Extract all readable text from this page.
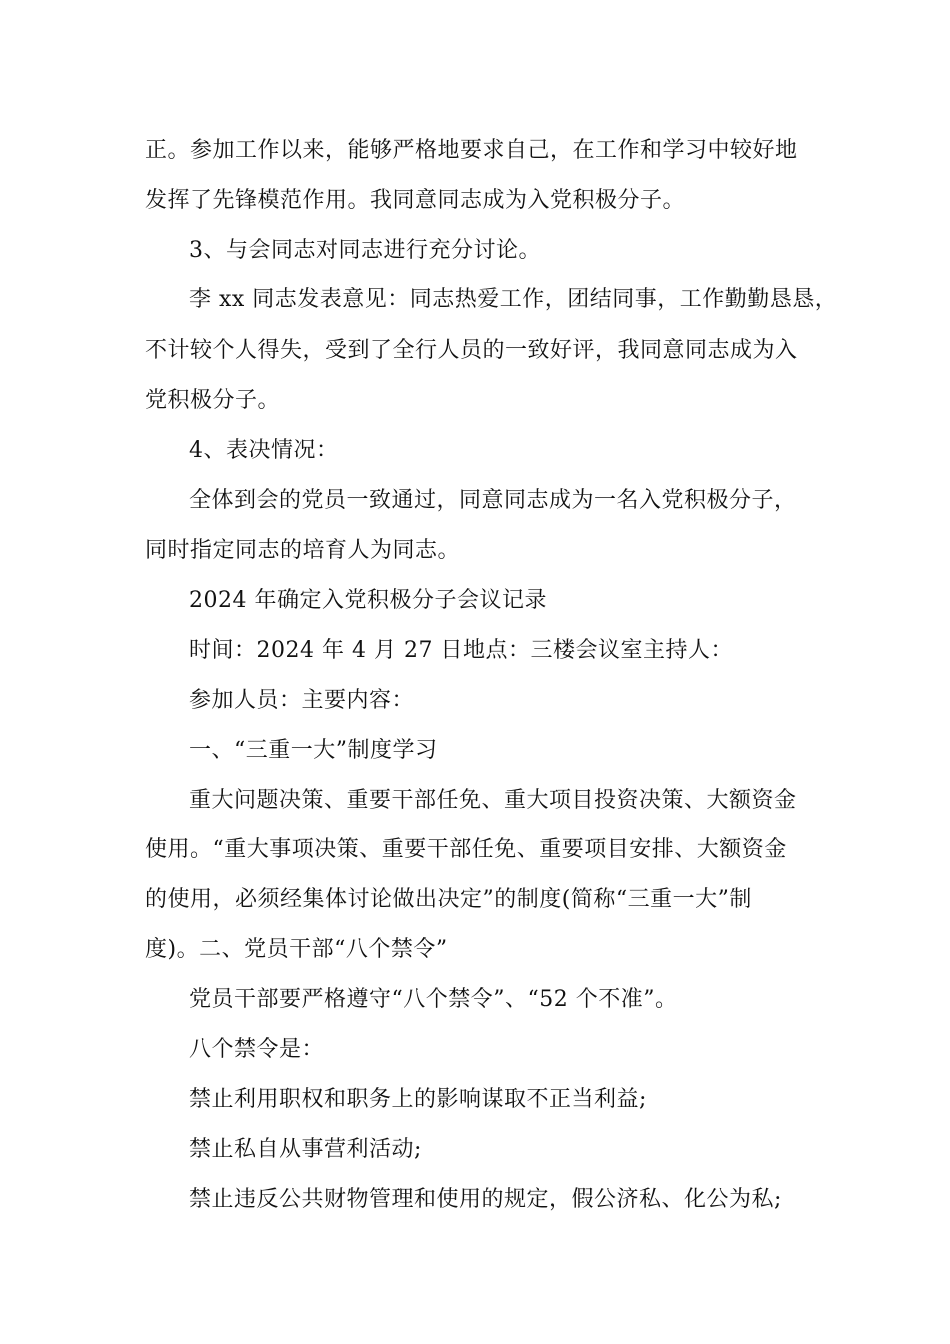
正。参加工作以来，能够严格地要求自己，在工作和学习中较好地
发挥了先锋模范作用。我同意同志成为入党积极分子。
3、与会同志对同志进行充分讨论。
李 xx 同志发表意见：同志热爱工作，团结同事，工作勤勤恳恳，
不计较个人得失，受到了全行人员的一致好评，我同意同志成为入
党积极分子。
4、表决情况：
全体到会的党员一致通过，同意同志成为一名入党积极分子，
同时指定同志的培育人为同志。
2024 年确定入党积极分子会议记录
时间：2024 年 4 月 27 日地点：三楼会议室主持人：
参加人员：主要内容：
一、“三重一大”制度学习
重大问题决策、重要干部任免、重大项目投资决策、大额资金
使用。“重大事项决策、重要干部任免、重要项目安排、大额资金
的使用，必须经集体讨论做出决定”的制度(简称“三重一大”制
度)。二、党员干部“八个禁令”
党员干部要严格遵守“八个禁令”、“52 个不准”。
八个禁令是：
禁止利用职权和职务上的影响谋取不正当利益;
禁止私自从事营利活动;
禁止违反公共财物管理和使用的规定，假公济私、化公为私;
